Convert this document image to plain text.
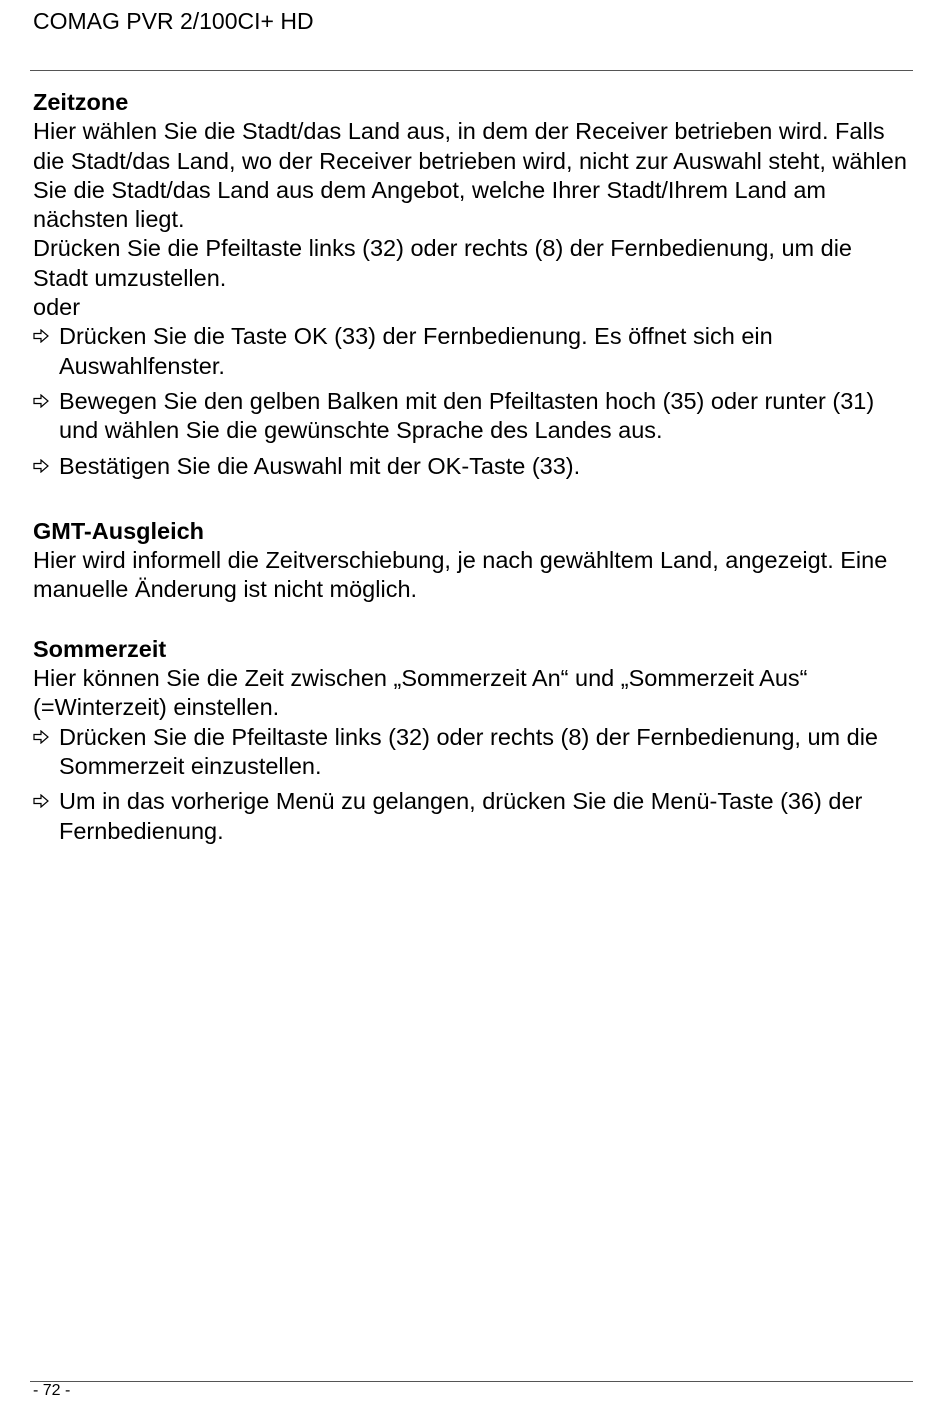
COMAG PVR 2/100CI+ HD
Zeitzone

Hier wählen Sie die Stadt/das Land aus, in dem der Receiver betrieben wird. Falls die Stadt/das Land, wo der Receiver betrieben wird, nicht zur Auswahl steht, wählen Sie die Stadt/das Land aus dem Angebot, welche Ihrer Stadt/Ihrem Land am nächsten liegt.

Drücken Sie die Pfeiltaste links (32) oder rechts (8) der Fernbedienung, um die Stadt umzustellen.

oder

Drücken Sie die Taste OK (33) der Fernbedienung. Es öffnet sich ein Auswahlfenster.
Bewegen Sie den gelben Balken mit den Pfeiltasten hoch (35) oder runter (31) und wählen Sie die gewünschte Sprache des Landes aus.
Bestätigen Sie die Auswahl mit der OK-Taste (33).
GMT-Ausgleich

Hier wird informell die Zeitverschiebung, je nach gewähltem Land, angezeigt. Eine manuelle Änderung ist nicht möglich.

Sommerzeit

Hier können Sie die Zeit zwischen „Sommerzeit An“ und „Sommerzeit Aus“ (=Winterzeit) einstellen.

Drücken Sie die Pfeiltaste links (32) oder rechts (8) der Fernbedienung, um die Sommerzeit einzustellen.
Um in das vorherige Menü zu gelangen, drücken Sie die Menü-Taste (36) der Fernbedienung.
- 72 -
